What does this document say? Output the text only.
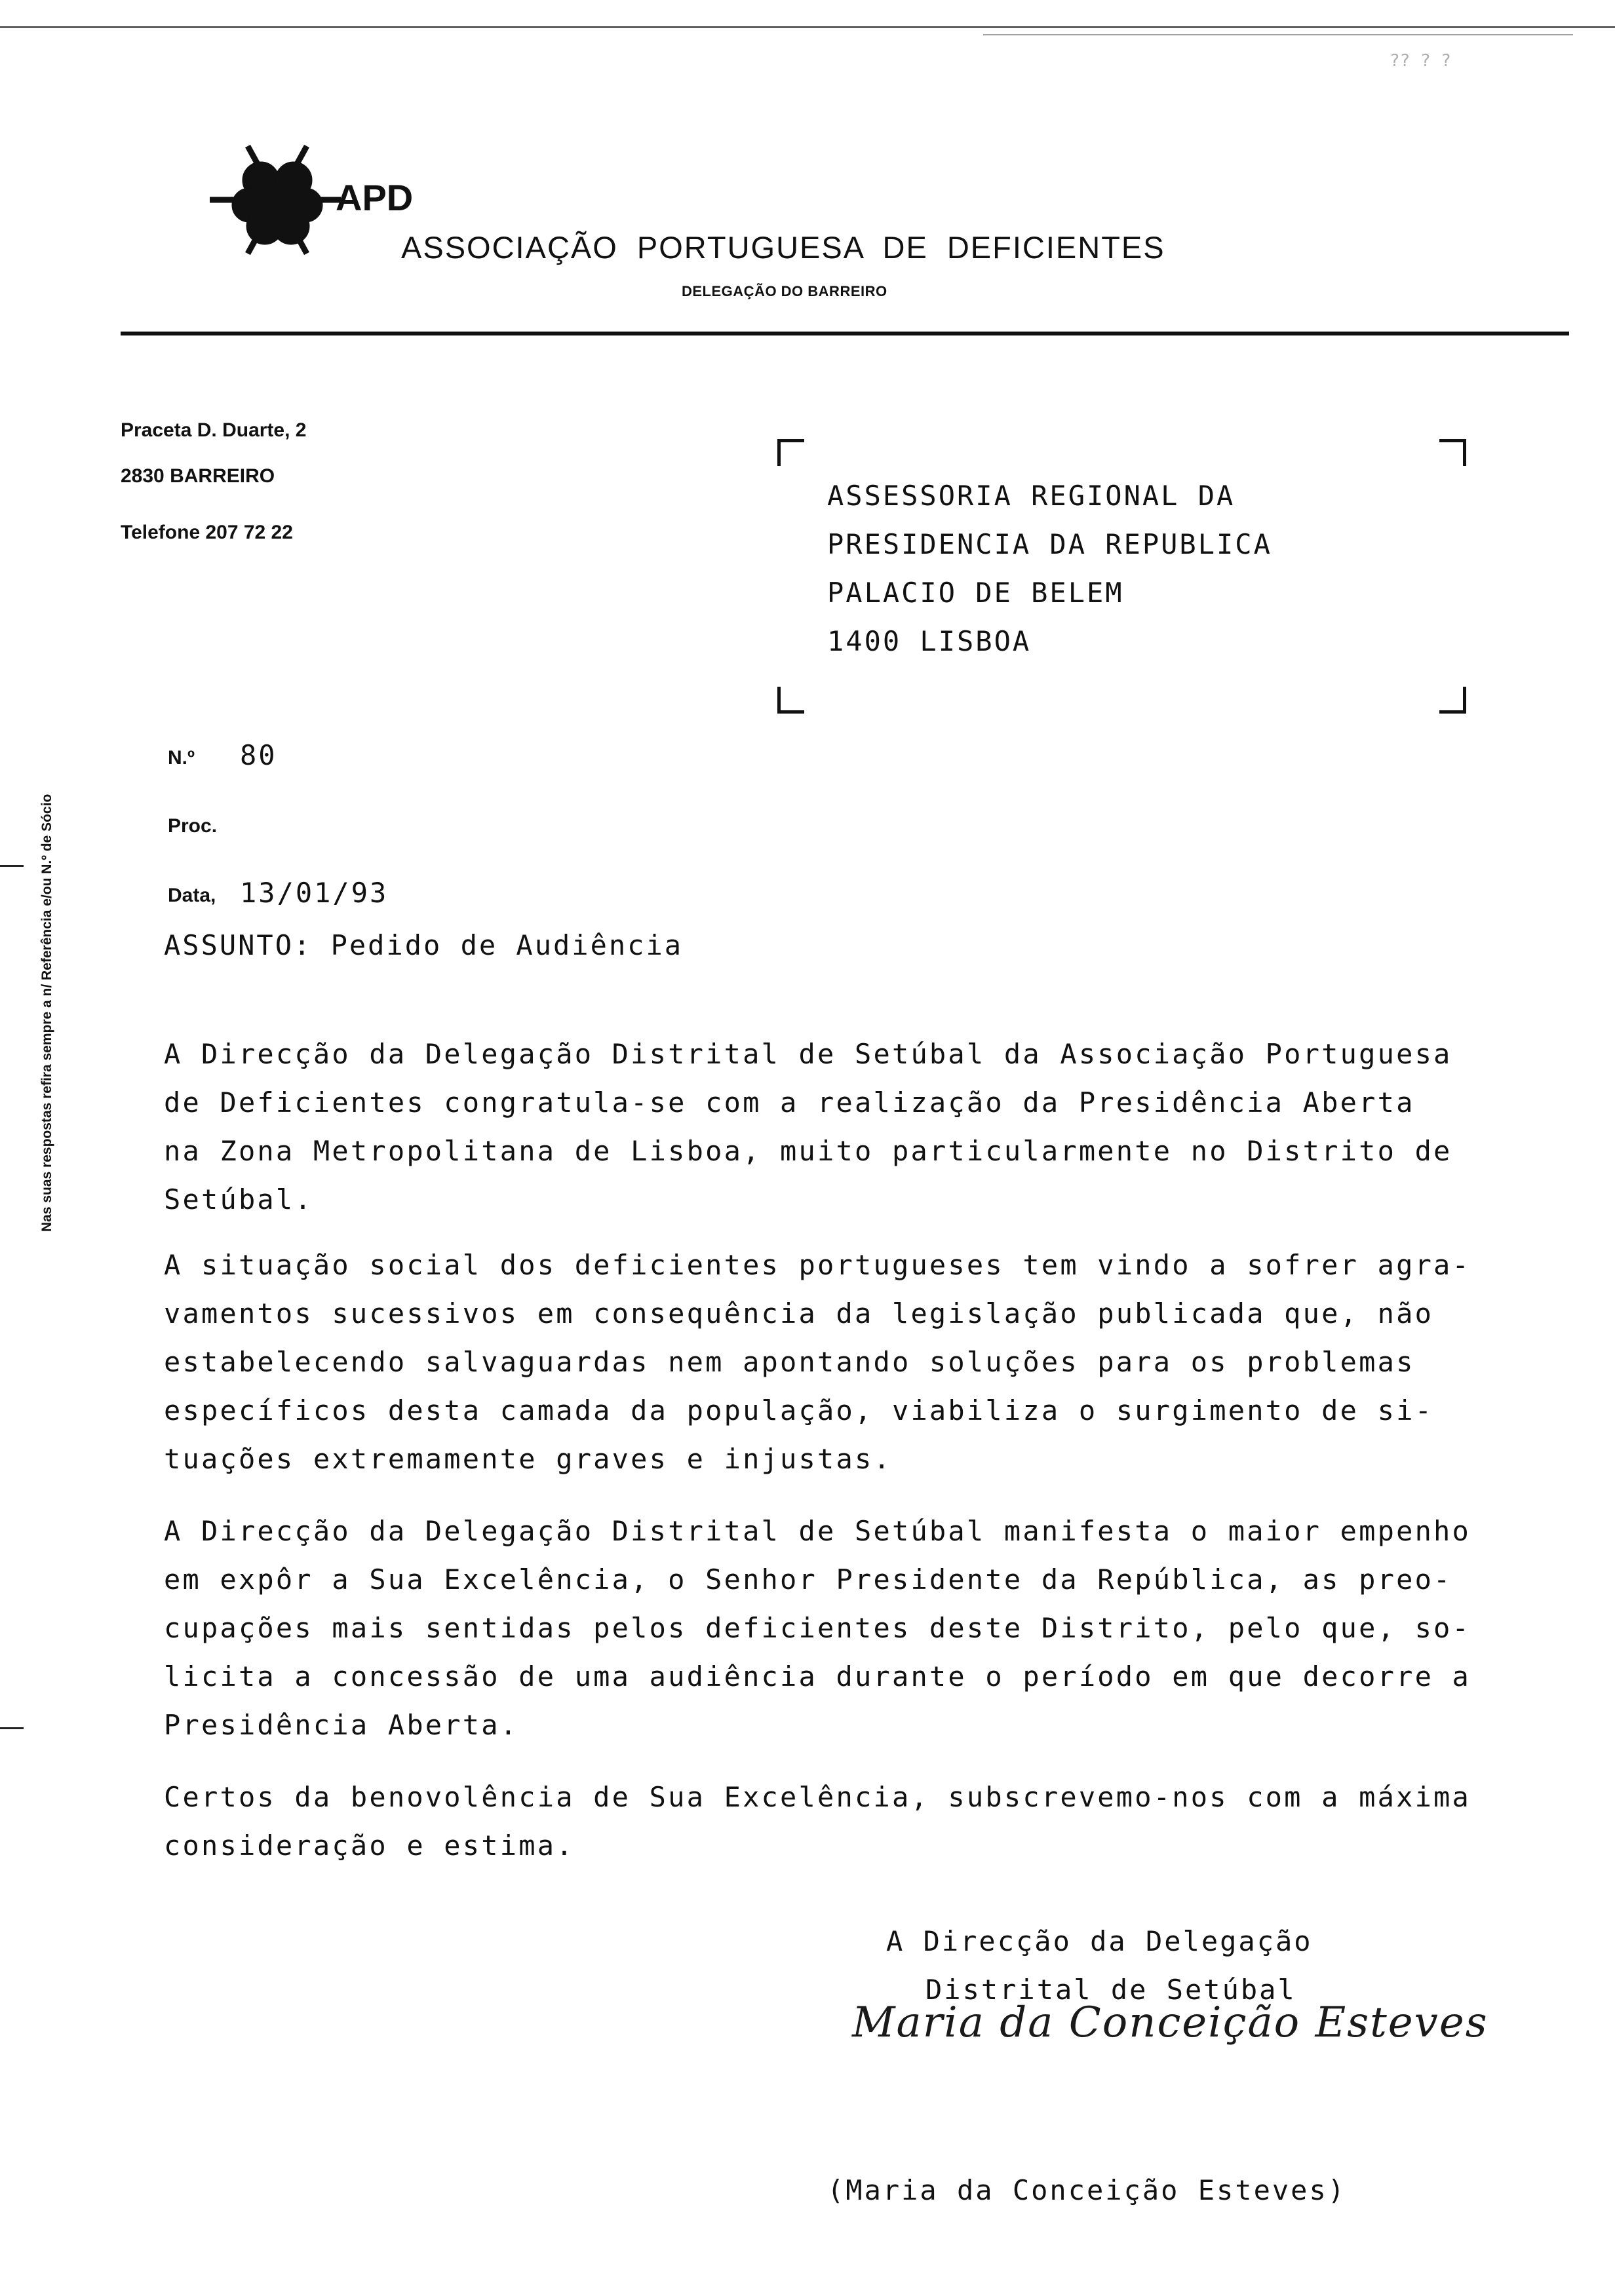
?? ? ?
APD
ASSOCIAÇÃO PORTUGUESA DE DEFICIENTES
DELEGAÇÃO DO BARREIRO
Praceta D. Duarte, 2
2830 BARREIRO
Telefone 207 72 22
ASSESSORIA REGIONAL DA
PRESIDENCIA DA REPUBLICA
PALACIO DE BELEM
1400 LISBOA
N.º 80
Proc.
Data, 13/01/93
ASSUNTO: Pedido de Audiência
A Direcção da Delegação Distrital de Setúbal da Associação Portuguesa
de Deficientes congratula-se com a realização da Presidência Aberta
na Zona Metropolitana de Lisboa, muito particularmente no Distrito de
Setúbal.
A situação social dos deficientes portugueses tem vindo a sofrer agra-
vamentos sucessivos em consequência da legislação publicada que, não
estabelecendo salvaguardas nem apontando soluções para os problemas
específicos desta camada da população, viabiliza o surgimento de si-
tuações extremamente graves e injustas.
A Direcção da Delegação Distrital de Setúbal manifesta o maior empenho
em expôr a Sua Excelência, o Senhor Presidente da República, as preo-
cupações mais sentidas pelos deficientes deste Distrito, pelo que, so-
licita a concessão de uma audiência durante o período em que decorre a
Presidência Aberta.
Certos da benovolência de Sua Excelência, subscrevemo-nos com a máxima
consideração e estima.
Nas suas respostas refira sempre a n/ Referência e/ou N.º de Sócio
A Direcção da Delegação
Distrital de Setúbal
Maria da Conceição Esteves
(Maria da Conceição Esteves)
